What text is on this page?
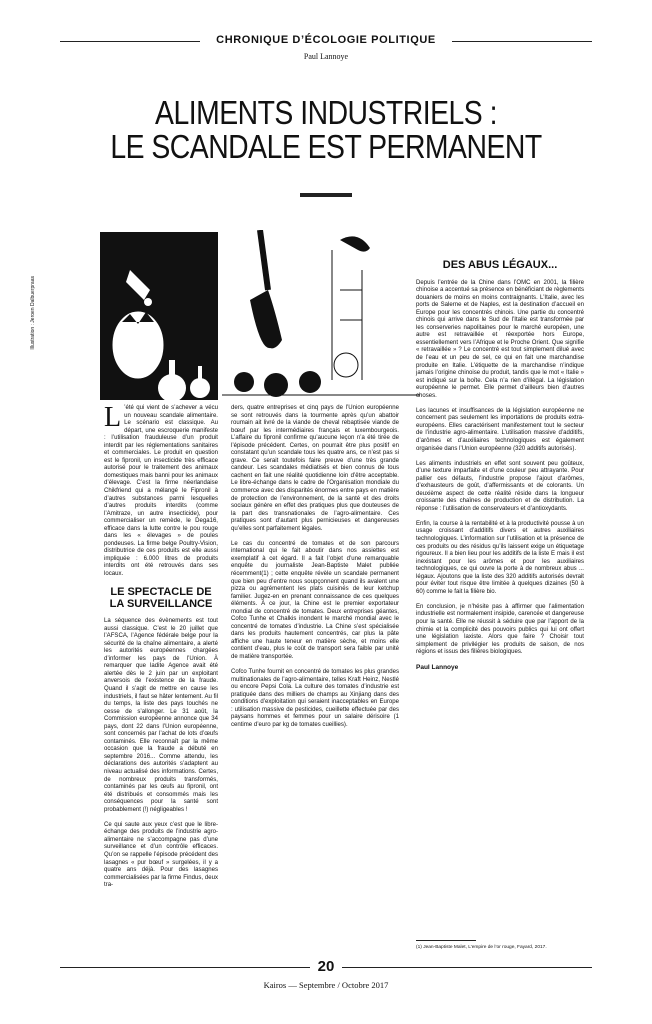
CHRONIQUE D’ÉCOLOGIE POLITIQUE
Paul Lannoye
ALIMENTS INDUSTRIELS :
LE SCANDALE EST PERMANENT
Illustration : Jeroen Dalbuerpraas

L ’été qui vient de s’achever a vécu un nouveau scandale alimentaire. Le scénario est classique. Au départ, une escroquerie manifeste : l’utilisation frauduleuse d’un produit interdit par les réglementations sanitaires et commerciales. Le produit en question est le fipronil, un insecticide très efficace autorisé pour le traitement des animaux domestiques mais banni pour les animaux d’élevage. C’est la firme néerlandaise Chikfriend qui a mélangé le Fipronil à d’autres substances parmi lesquelles d’autres produits interdits (comme l’Amitraze, un autre insecticide), pour commercialiser un remède, le Dega16, efficace dans la lutte contre le pou rouge dans les « élevages » de poules pondeuses. La firme belge Poultry-Vision, distributrice de ces produits est elle aussi impliquée : 6.000 litres de produits interdits ont été retrouvés dans ses locaux.

LE SPECTACLE DE LA SURVEILLANCE

La séquence des évènements est tout aussi classique. C’est le 20 juillet que l’AFSCA, l’Agence fédérale belge pour la sécurité de la chaîne alimentaire, a alerté les autorités européennes chargées d’informer les pays de l’Union. À remarquer que ladite Agence avait été alertée dès le 2 juin par un exploitant anversois de l’existence de la fraude. Quand il s’agit de mettre en cause les industriels, il faut se hâter lentement. Au fil du temps, la liste des pays touchés ne cesse de s’allonger. Le 31 août, la Commission européenne annonce que 34 pays, dont 22 dans l’Union européenne, sont concernés par l’achat de lots d’œufs contaminés. Elle reconnaît par la même occasion que la fraude a débuté en septembre 2016... Comme attendu, les déclarations des autorités s’adaptent au niveau actualisé des informations. Certes, de nombreux produits transformés, contaminés par les œufs au fipronil, ont été distribués et consommés mais les conséquences pour la santé sont probablement (!) négligeables !

Ce qui saute aux yeux c’est que le libre-échange des produits de l’industrie agro-alimentaire ne s’accompagne pas d’une surveillance et d’un contrôle efficaces. Qu’on se rappelle l’épisode précédent des lasagnes « pur bœuf » surgelées, il y a quatre ans déjà. Pour des lasagnes commercialisées par la firme Findus, deux tra-

ders, quatre entreprises et cinq pays de l’Union européenne se sont retrouvés dans la tourmente après qu’un abattoir roumain ait livré de la viande de cheval rebaptisée viande de bœuf par les intermédiaires français et luxembourgeois. L’affaire du fipronil confirme qu’aucune leçon n’a été tirée de l’épisode précédent. Certes, on pourrait être plus positif en constatant qu’un scandale tous les quatre ans, ce n’est pas si grave. Ce serait toutefois faire preuve d’une très grande candeur. Les scandales médiatisés et bien connus de tous cachent en fait une réalité quotidienne loin d’être acceptable. Le libre-échange dans le cadre de l’Organisation mondiale du commerce avec des disparités énormes entre pays en matière de protection de l’environnement, de la santé et des droits sociaux génère en effet des pratiques plus que douteuses de la part des transnationales de l’agro-alimentaire. Ces pratiques sont d’autant plus pernicieuses et dangereuses qu’elles sont parfaitement légales.

Le cas du concentré de tomates et de son parcours international qui le fait aboutir dans nos assiettes est exemplatif à cet égard. Il a fait l’objet d’une remarquable enquête du journaliste Jean-Baptiste Malet publiée récemment(1) ; cette enquête révèle un scandale permanent que bien peu d’entre nous soupçonnent quand ils avalent une pizza ou agrémentent les plats cuisinés de leur ketchup familier. Jugez-en en prenant connaissance de ces quelques éléments. À ce jour, la Chine est le premier exportateur mondial de concentré de tomates. Deux entreprises géantes, Cofco Tunhe et Chalkis inondent le marché mondial avec le concentré de tomates d’industrie. La Chine s’est spécialisée dans les produits hautement concentrés, car plus la pâte affiche une haute teneur en matière sèche, et moins elle contient d’eau, plus le coût de transport sera faible par unité de matière transportée.

Cofco Tunhe fournit en concentré de tomates les plus grandes multinationales de l’agro-alimentaire, telles Kraft Heinz, Nestlé ou encore Pepsi Cola. La culture des tomates d’industrie est pratiquée dans des milliers de champs au Xinjiang dans des conditions d’exploitation qui seraient inacceptables en Europe : utilisation massive de pesticides, cueillette effectuée par des paysans hommes et femmes pour un salaire dérisoire (1 centime d’euro par kg de tomates cueillies).

DES ABUS LÉGAUX...

Depuis l’entrée de la Chine dans l’OMC en 2001, la filière chinoise a accentué sa présence en bénéficiant de règlements douaniers de moins en moins contraignants. L’Italie, avec les ports de Salerne et de Naples, est la destination d’accueil en Europe pour les concentrés chinois. Une partie du concentré chinois qui arrive dans le Sud de l’Italie est transformée par les conserveries napolitaines pour le marché européen, une autre est retravaillée et réexportée hors Europe, essentiellement vers l’Afrique et le Proche Orient. Que signifie « retravaillée » ? Le concentré est tout simplement dilué avec de l’eau et un peu de sel, ce qui en fait une marchandise produite en Italie. L’étiquette de la marchandise n’indique jamais l’origine chinoise du produit, tandis que le mot « Italie » est indiqué sur la boîte. Cela n’a rien d’illégal. La législation européenne le permet. Elle permet d’ailleurs bien d’autres choses.

Les lacunes et insuffisances de la législation européenne ne concernent pas seulement les importations de produits extra-européens. Elles caractérisent manifestement tout le secteur de l’industrie agro-alimentaire. L’utilisation massive d’additifs, d’arômes et d’auxiliaires technologiques est également organisée dans l’Union européenne (320 additifs autorisés).

Les aliments industriels en effet sont souvent peu goûteux, d’une texture imparfaite et d’une couleur peu attrayante. Pour pallier ces défauts, l’industrie propose l’ajout d’arômes, d’exhausteurs de goût, d’affermissants et de colorants. Un deuxième aspect de cette réalité réside dans la longueur croissante des chaînes de production et de distribution. La réponse : l’utilisation de conservateurs et d’antioxydants.

Enfin, la course à la rentabilité et à la productivité pousse à un usage croissant d’additifs divers et autres auxiliaires technologiques. L’information sur l’utilisation et la présence de ces produits ou des résidus qu’ils laissent exige un étiquetage rigoureux. Il a bien lieu pour les additifs de la liste E mais il est inexistant pour les arômes et pour les auxiliaires technologiques, ce qui ouvre la porte à de nombreux abus ... légaux. Ajoutons que la liste des 320 additifs autorisés devrait pour éviter tout risque être limitée à quelques dizaines (50 à 60) comme le fait la filière bio.

En conclusion, je n’hésite pas à affirmer que l’alimentation industrielle est normalement insipide, carencée et dangereuse pour la santé. Elle ne réussit à séduire que par l’apport de la chimie et la complicité des pouvoirs publics qui lui ont offert une législation laxiste. Alors que faire ? Choisir tout simplement de privilégier les produits de saison, de nos régions et issus des filières biologiques.

Paul Lannoye
(1) Jean-Baptiste Malet, L’empire de l’or rouge, Fayard, 2017.
20
Kairos — Septembre / Octobre 2017
